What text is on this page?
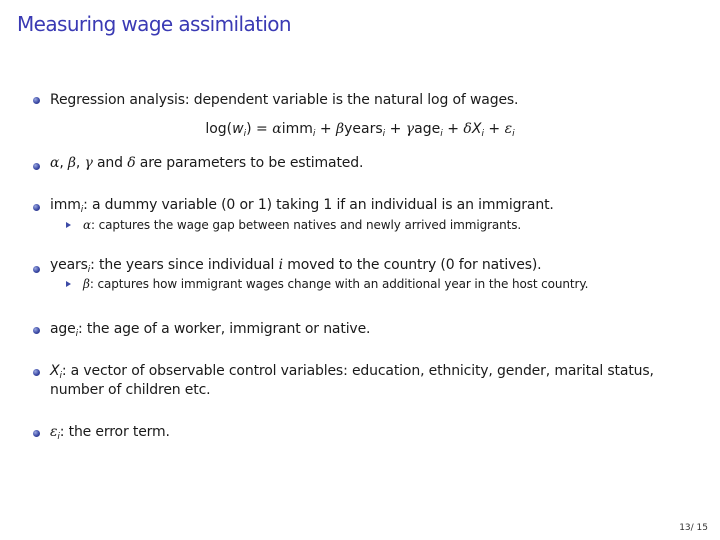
Measuring wage assimilation
Regression analysis: dependent variable is the natural log of wages.
$\log(w_i) = \alpha imm_i$ + βyears$_i$ + $\gamma age_i + \delta X_i + \varepsilon_i$
α, β, γ and δ are parameters to be estimated.
imm$_i$: a dummy variable (0 or 1) taking 1 if an individual is an immigrant.
α: captures the wage gap between natives and newly arrived immigrants.
years$_i$: the years since individual i moved to the country (0 for natives).
β: captures how immigrant wages change with an additional year in the host country.
age$_i$: the age of a worker, immigrant or native.
$X_i$: a vector of observable control variables: education, ethnicity, gender, marital status,
number of children etc.
$\varepsilon_i$: the error term.
13/ 15
